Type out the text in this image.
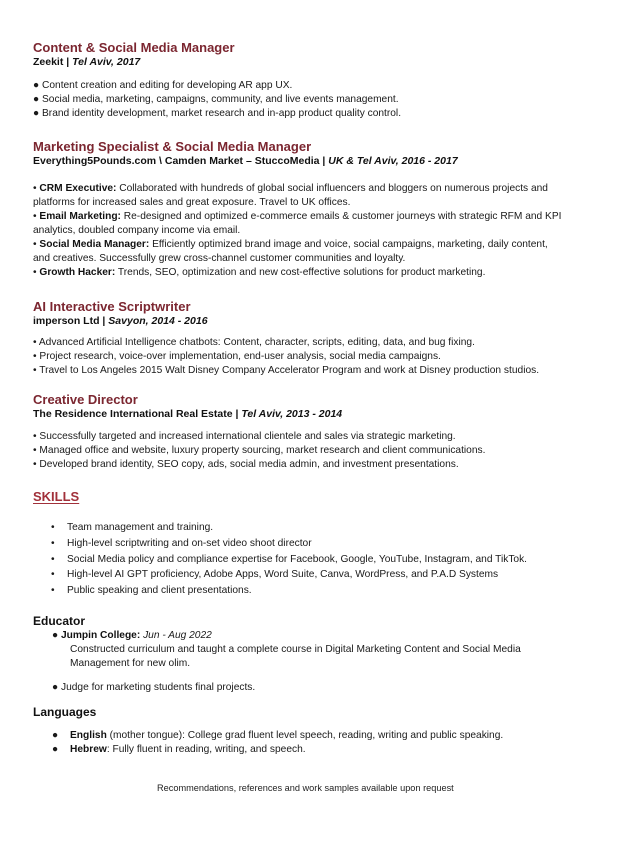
Content & Social Media Manager
Zeekit | Tel Aviv, 2017
● Content creation and editing for developing AR app UX.
● Social media, marketing, campaigns, community, and live events management.
● Brand identity development, market research and in-app product quality control.
Marketing Specialist & Social Media Manager
Everything5Pounds.com \ Camden Market – StuccoMedia | UK & Tel Aviv, 2016 - 2017
• CRM Executive: Collaborated with hundreds of global social influencers and bloggers on numerous projects and
platforms for increased sales and great exposure. Travel to UK offices.
• Email Marketing: Re-designed and optimized e-commerce emails & customer journeys with strategic RFM and KPI
analytics, doubled company income via email.
• Social Media Manager: Efficiently optimized brand image and voice, social campaigns, marketing, daily content,
and creatives. Successfully grew cross-channel customer communities and loyalty.
• Growth Hacker: Trends, SEO, optimization and new cost-effective solutions for product marketing.
AI Interactive Scriptwriter
imperson Ltd | Savyon, 2014 - 2016
• Advanced Artificial Intelligence chatbots: Content, character, scripts, editing, data, and bug fixing.
• Project research, voice-over implementation, end-user analysis, social media campaigns.
• Travel to Los Angeles 2015 Walt Disney Company Accelerator Program and work at Disney production studios.
Creative Director
The Residence International Real Estate | Tel Aviv, 2013 - 2014
• Successfully targeted and increased international clientele and sales via strategic marketing.
• Managed office and website, luxury property sourcing, market research and client communications.
• Developed brand identity, SEO copy, ads, social media admin, and investment presentations.
SKILLS
• Team management and training.
• High-level scriptwriting and on-set video shoot director
• Social Media policy and compliance expertise for Facebook, Google, YouTube, Instagram, and TikTok.
• High-level AI GPT proficiency, Adobe Apps, Word Suite, Canva, WordPress, and P.A.D Systems
• Public speaking and client presentations.
Educator
● Jumpin College: Jun - Aug 2022
Constructed curriculum and taught a complete course in Digital Marketing Content and Social Media
Management for new olim.
● Judge for marketing students final projects.
Languages
● English (mother tongue): College grad fluent level speech, reading, writing and public speaking.
● Hebrew: Fully fluent in reading, writing, and speech.
Recommendations, references and work samples available upon request
